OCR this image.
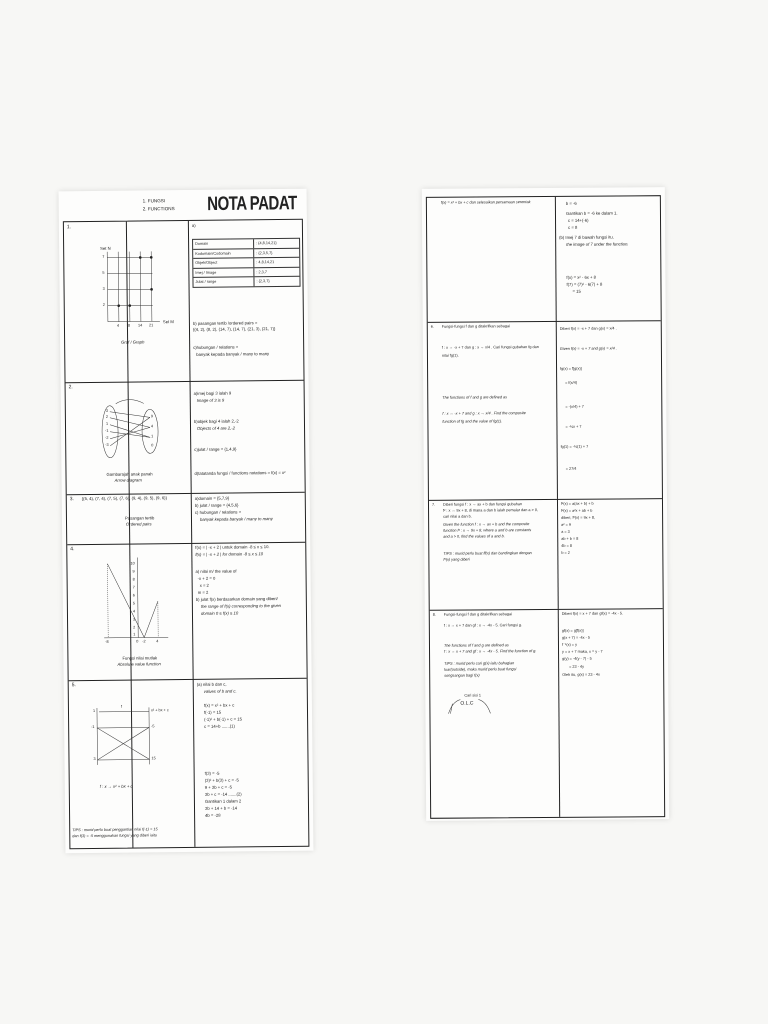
1. FUNGSI
2. FUNCTIONS NOTA PADAT
1.
Set N
Set M
7
5
3
2
4 8 14 21
Graf / Graph
a)
Domain	: {4,8,14,21}
Kodomain/Codomain	: {2,3,5,7}
Objek/Object	: 4,8,14,21
Imej / Image	: 2,3,7
Julat / range	: {2,3,7}
b) pasangan tertib /ordered pairs =
{(4, 2), (8, 2), (14, 7), (14, 7), (21, 3), (21, 7)}
c)hubungan / relations =
banyak kepada banyak / many to many
2.
3
2
1
-1
-2
-3
9
4
1
0
Gambarajah anak panah
Arrow diagram
a)imej bagi 3 ialah 9
Image of 3 is 9
b)objek bagi 4 ialah 2,-2
Objects of 4 are 2,-2
c)julat / range = {1,4,9}
d)tatatanda fungsi / functions notations = f(x) = x²
3. {(5, 4), (7, 4), (7, 5), (7, 6), (9, 4), (9, 5), (9, 6)}
Pasangan tertib
Ordered pairs
a)domain = {5,7,9}
b) julat / range = {4,5,6}
c) hubungan / relations =
banyak kepada banyak / many to many
4.
10
9
8
7
6
5
4
3
2
1
-8	-2
0	4
Fungsi nilai mutlak
Absolute value function
f(x) = | -x + 2 | untuk domain -8 ≤ x ≤ 10.
f(x) = | -x + 2 | for domain -8 ≤ x ≤ 10
a) nilai m/ the value of
-x + 2 = 0
x = 2
m = 2
b) julat f(x) berdasarkan domain yang diberi/
the range of f(x) corresponding to the given
domain 0 ≤ f(x) ≤ 10
5.
f
x² + bx + c
1
-1
3
-5
15
f : x → x² + bx + c
TIPS : murid perlu buat penggantian nilai f(-1) = 15
dan f(3) = -5 menggunakan fungsi yang diberi iaitu
(a) nilai b dan c,
values of b and c.
f(x) = x² + bx + c
f(-1) = 15
(-1)² + b(-1) + c = 15
c = 14+b .......(1)
f(3) = -5
(3)² + b(3) + c = -5
9 + 3b + c = -5
3b + c = -14 .......(2)
Gantikan 1 dalam 2
3b + 14 + b = -14
4b = -28
f(x) = x² + bx + c dan selesaikan persamaan serentak	b = -6
Gantikan b = -6 ke dalam 1.
c = 14+(-6)
c = 8
(b) Imej 7 di bawah fungsi itu.
the image of 7 under the function.
f(x) = x² - 6x + 8
f(7) = (7)² - 6(7) + 8
= 15
6. Fungsi-fungsi f dan g ditakrifkan sebagai
f : x → -x + 7 dan g : x → x/4 . Cari fungsi gubahan fg dan
nilai fg(1).
The functions of f and g are defined as
f : x → -x + 7 and g : x → x/4 . Find the composite
function of fg and the value of fg(1).
Diberi f(x) = -x + 7 dan g(x) = x/4 .
Given f(x) = -x + 7 and g(x) = x/4 .
fg(x) = f[g(x)]
= f(x/4)
= -(x/4) + 7
= -¼x + 7
fg(1) = -¼(1) + 7
= 27/4
7. Diberi fungsi f : x → ax + b dan fungsi gubahan
f² : x → 9x + 8, di mana a dan b ialah pemalar dan a > 0,
cari nilai a dan b.
Given the function f : x → ax + b and the composite
function f² : x → 9x + 8, where a and b are constants
and a > 0, find the values of a and b.
TIPS : murid perlu buat ff(x) dan bandingkan dengan
f²(x) yang diberi
f²(x) = a(ax + b) + b
f²(x) = a²x + ab + b
diberi, f²(x) = 9x + 8,
a² = 9
a = 3
ab + b = 8
4b = 8
b = 2
8. Fungsi-fungsi f dan g ditakrifkan sebagai
f : x → x + 7 dan gf : x → -4x - 5. Cari fungsi g.
The functions of f and g are defined as
f : x → x + 7 and gf : x → -4x - 5. Find the function of g.
TIPS : murid perlu cari g(x) iaitu bahagian
luar(outside), maka murid perlu buat fungsi
songsangan bagi f(x)
Cari sisi 1
O.L.C
Diberi f(x) = x + 7 dan gf(x) = -4x - 5.
gf(x) = g[f(x)]
g(x + 7) = -4x - 5
f⁻¹(x) = y
y = x + 7 maka, x = y - 7
g(y) = -4(y - 7) - 5
= 23 - 4y
Oleh itu, g(x) = 23 - 4x
